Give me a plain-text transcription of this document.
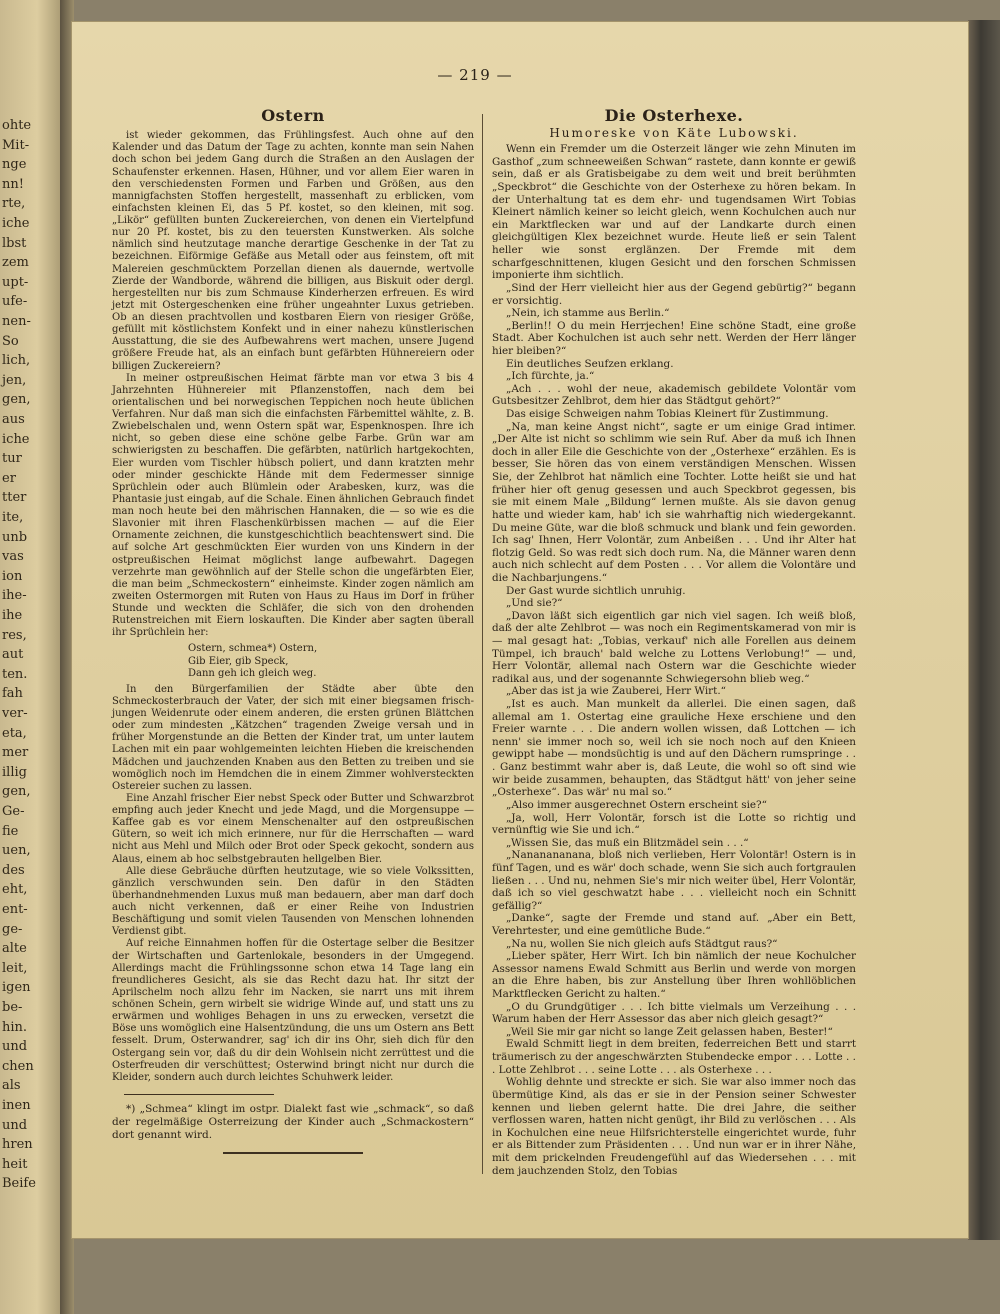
ohte
Mit-
nge
nn!
rte,
iche
lbst
zem
upt-
ufe-
nen-
So
lich,
jen,
gen,
aus
iche
tur
er
tter
ite,
unb
vas
ion
ihe-
ihe
res,
aut
ten.
fah
ver-
eta,
mer
illig
gen,
Ge-
fie
uen,
des
eht,
ent-
ge-
alte
leit,
igen
be-
hin.
und
chen
als
inen
und
hren
heit
Beife
— 219 —
Ostern

ist wieder gekommen, das Frühlingsfest. Auch ohne auf den Kalender und das Datum der Tage zu achten, konnte man sein Nahen doch schon bei jedem Gang durch die Straßen an den Auslagen der Schaufenster erkennen. Hasen, Hühner, und vor allem Eier waren in den verschiedensten Formen und Farben und Größen, aus den mannigfachsten Stoffen hergestellt, massenhaft zu erblicken, vom einfachsten kleinen Ei, das 5 Pf. kostet, so den kleinen, mit sog. „Likör“ gefüllten bunten Zuckereierchen, von denen ein Viertelpfund nur 20 Pf. kostet, bis zu den teuersten Kunstwerken. Als solche nämlich sind heutzutage manche derartige Geschenke in der Tat zu bezeichnen. Eiförmige Gefäße aus Metall oder aus feinstem, oft mit Malereien geschmücktem Porzellan dienen als dauernde, wertvolle Zierde der Wandborde, während die billigen, aus Biskuit oder dergl. hergestellten nur bis zum Schmause Kinderherzen erfreuen. Es wird jetzt mit Ostergeschenken eine früher ungeahnter Luxus getrieben. Ob an diesen prachtvollen und kostbaren Eiern von riesiger Größe, gefüllt mit köstlichstem Konfekt und in einer nahezu künstlerischen Ausstattung, die sie des Aufbewahrens wert machen, unsere Jugend größere Freude hat, als an einfach bunt gefärbten Hühnereiern oder billigen Zuckereiern?

In meiner ostpreußischen Heimat färbte man vor etwa 3 bis 4 Jahrzehnten Hühnereier mit Pflanzenstoffen, nach dem bei orientalischen und bei norwegischen Teppichen noch heute üblichen Verfahren. Nur daß man sich die einfachsten Färbemittel wählte, z. B. Zwiebelschalen und, wenn Ostern spät war, Espenknospen. Ihre ich nicht, so geben diese eine schöne gelbe Farbe. Grün war am schwierigsten zu beschaffen. Die gefärbten, natürlich hartgekochten, Eier wurden vom Tischler hübsch poliert, und dann kratzten mehr oder minder geschickte Hände mit dem Federmesser sinnige Sprüchlein oder auch Blümlein oder Arabesken, kurz, was die Phantasie just eingab, auf die Schale. Einen ähnlichen Gebrauch findet man noch heute bei den mährischen Hannaken, die — so wie es die Slavonier mit ihren Flaschenkürbissen machen — auf die Eier Ornamente zeichnen, die kunstgeschichtlich beachtenswert sind. Die auf solche Art geschmückten Eier wurden von uns Kindern in der ostpreußischen Heimat möglichst lange aufbewahrt. Dagegen verzehrte man gewöhnlich auf der Stelle schon die ungefärbten Eier, die man beim „Schmeckostern“ einheimste. Kinder zogen nämlich am zweiten Ostermorgen mit Ruten von Haus zu Haus im Dorf in früher Stunde und weckten die Schläfer, die sich von den drohenden Rutenstreichen mit Eiern loskauften. Die Kinder aber sagten überall ihr Sprüchlein her:

Ostern, schmea*) Ostern,
Gib Eier, gib Speck,
Dann geh ich gleich weg.

In den Bürgerfamilien der Städte aber übte den Schmeckosterbrauch der Vater, der sich mit einer biegsamen frisch-jungen Weidenrute oder einem anderen, die ersten grünen Blättchen oder zum mindesten „Kätzchen“ tragenden Zweige versah und in früher Morgenstunde an die Betten der Kinder trat, um unter lautem Lachen mit ein paar wohlgemeinten leichten Hieben die kreischenden Mädchen und jauchzenden Knaben aus den Betten zu treiben und sie womöglich noch im Hemdchen die in einem Zimmer wohlversteckten Ostereier suchen zu lassen.

Eine Anzahl frischer Eier nebst Speck oder Butter und Schwarzbrot empfing auch jeder Knecht und jede Magd, und die Morgensuppe — Kaffee gab es vor einem Menschenalter auf den ostpreußischen Gütern, so weit ich mich erinnere, nur für die Herrschaften — ward nicht aus Mehl und Milch oder Brot oder Speck gekocht, sondern aus Alaus, einem ab hoc selbstgebrauten hellgelben Bier.

Alle diese Gebräuche dürften heutzutage, wie so viele Volkssitten, gänzlich verschwunden sein. Den dafür in den Städten überhandnehmenden Luxus muß man bedauern, aber man darf doch auch nicht verkennen, daß er einer Reihe von Industrien Beschäftigung und somit vielen Tausenden von Menschen lohnenden Verdienst gibt.

Auf reiche Einnahmen hoffen für die Ostertage selber die Besitzer der Wirtschaften und Gartenlokale, besonders in der Umgegend. Allerdings macht die Frühlingssonne schon etwa 14 Tage lang ein freundlicheres Gesicht, als sie das Recht dazu hat. Ihr sitzt der Aprilschelm noch allzu fehr im Nacken, sie narrt uns mit ihrem schönen Schein, gern wirbelt sie widrige Winde auf, und statt uns zu erwärmen und wohliges Behagen in uns zu erwecken, versetzt die Böse uns womöglich eine Halsentzündung, die uns um Ostern ans Bett fesselt. Drum, Osterwandrer, sag' ich dir ins Ohr, sieh dich für den Ostergang sein vor, daß du dir dein Wohlsein nicht zerrüttest und die Osterfreuden dir verschüttest; Osterwind bringt nicht nur durch die Kleider, sondern auch durch leichtes Schuhwerk leider.

*) „Schmea“ klingt im ostpr. Dialekt fast wie „schmack“, so daß der regelmäßige Osterreizung der Kinder auch „Schmackostern“ dort genannt wird.

Die Osterhexe.
Humoreske von Käte Lubowski.

Wenn ein Fremder um die Osterzeit länger wie zehn Minuten im Gasthof „zum schneeweißen Schwan“ rastete, dann konnte er gewiß sein, daß er als Gratisbeigabe zu dem weit und breit berühmten „Speckbrot“ die Geschichte von der Osterhexe zu hören bekam. In der Unterhaltung tat es dem ehr- und tugendsamen Wirt Tobias Kleinert nämlich keiner so leicht gleich, wenn Kochulchen auch nur ein Marktflecken war und auf der Landkarte durch einen gleichgültigen Klex bezeichnet wurde. Heute ließ er sein Talent heller wie sonst erglänzen. Der Fremde mit dem scharfgeschnittenen, klugen Gesicht und den forschen Schmissen imponierte ihm sichtlich.

„Sind der Herr vielleicht hier aus der Gegend gebürtig?“ begann er vorsichtig.

„Nein, ich stamme aus Berlin.“

„Berlin!! O du mein Herrjechen! Eine schöne Stadt, eine große Stadt. Aber Kochulchen ist auch sehr nett. Werden der Herr länger hier bleiben?“

Ein deutliches Seufzen erklang.

„Ich fürchte, ja.“

„Ach . . . wohl der neue, akademisch gebildete Volontär vom Gutsbesitzer Zehlbrot, dem hier das Städtgut gehört?“

Das eisige Schweigen nahm Tobias Kleinert für Zustimmung.

„Na, man keine Angst nicht“, sagte er um einige Grad intimer. „Der Alte ist nicht so schlimm wie sein Ruf. Aber da muß ich Ihnen doch in aller Eile die Geschichte von der „Osterhexe“ erzählen. Es is besser, Sie hören das von einem verständigen Menschen. Wissen Sie, der Zehlbrot hat nämlich eine Tochter. Lotte heißt sie und hat früher hier oft genug gesessen und auch Speckbrot gegessen, bis sie mit einem Male „Bildung“ lernen mußte. Als sie davon genug hatte und wieder kam, hab' ich sie wahrhaftig nich wiedergekannt. Du meine Güte, war die bloß schmuck und blank und fein geworden. Ich sag' Ihnen, Herr Volontär, zum Anbeißen . . . Und ihr Alter hat flotzig Geld. So was redt sich doch rum. Na, die Männer waren denn auch nich schlecht auf dem Posten . . . Vor allem die Volontäre und die Nachbarjungens.“

Der Gast wurde sichtlich unruhig.

„Und sie?“

„Davon läßt sich eigentlich gar nich viel sagen. Ich weiß bloß, daß der alte Zehlbrot — was noch ein Regimentskamerad von mir is — mal gesagt hat: „Tobias, verkauf' nich alle Forellen aus deinem Tümpel, ich brauch' bald welche zu Lottens Verlobung!“ — und, Herr Volontär, allemal nach Ostern war die Geschichte wieder radikal aus, und der sogenannte Schwiegersohn blieb weg.“

„Aber das ist ja wie Zauberei, Herr Wirt.“

„Ist es auch. Man munkelt da allerlei. Die einen sagen, daß allemal am 1. Ostertag eine grauliche Hexe erschiene und den Freier warnte . . . Die andern wollen wissen, daß Lottchen — ich nenn' sie immer noch so, weil ich sie noch noch auf den Knieen gewippt habe — mondsüchtig is und auf den Dächern rumspringe . . . Ganz bestimmt wahr aber is, daß Leute, die wohl so oft sind wie wir beide zusammen, behaupten, das Städtgut hätt' von jeher seine „Osterhexe“. Das wär' nu mal so.“

„Also immer ausgerechnet Ostern erscheint sie?“

„Ja, woll, Herr Volontär, forsch ist die Lotte so richtig und vernünftig wie Sie und ich.“

„Wissen Sie, das muß ein Blitzmädel sein . . .“

„Nananananana, bloß nich verlieben, Herr Volontär! Ostern is in fünf Tagen, und es wär' doch schade, wenn Sie sich auch fortgraulen ließen . . . Und nu, nehmen Sie's mir nich weiter übel, Herr Volontär, daß ich so viel geschwatzt habe . . . vielleicht noch ein Schnitt gefällig?“

„Danke“, sagte der Fremde und stand auf. „Aber ein Bett, Verehrtester, und eine gemütliche Bude.“

„Na nu, wollen Sie nich gleich aufs Städtgut raus?“

„Lieber später, Herr Wirt. Ich bin nämlich der neue Kochulcher Assessor namens Ewald Schmitt aus Berlin und werde von morgen an die Ehre haben, bis zur Anstellung über Ihren wohllöblichen Marktflecken Gericht zu halten.“

„O du Grundgütiger . . . Ich bitte vielmals um Verzeihung . . . Warum haben der Herr Assessor das aber nich gleich gesagt?“

„Weil Sie mir gar nicht so lange Zeit gelassen haben, Bester!“

Ewald Schmitt liegt in dem breiten, federreichen Bett und starrt träumerisch zu der angeschwärzten Stubendecke empor . . . Lotte . . . Lotte Zehlbrot . . . seine Lotte . . . als Osterhexe . . .

Wohlig dehnte und streckte er sich. Sie war also immer noch das übermütige Kind, als das er sie in der Pension seiner Schwester kennen und lieben gelernt hatte. Die drei Jahre, die seither verflossen waren, hatten nicht genügt, ihr Bild zu verlöschen . . . Als in Kochulchen eine neue Hilfsrichterstelle eingerichtet wurde, fuhr er als Bittender zum Präsidenten . . . Und nun war er in ihrer Nähe, mit dem prickelnden Freudengefühl auf das Wiedersehen . . . mit dem jauchzenden Stolz, den Tobias
